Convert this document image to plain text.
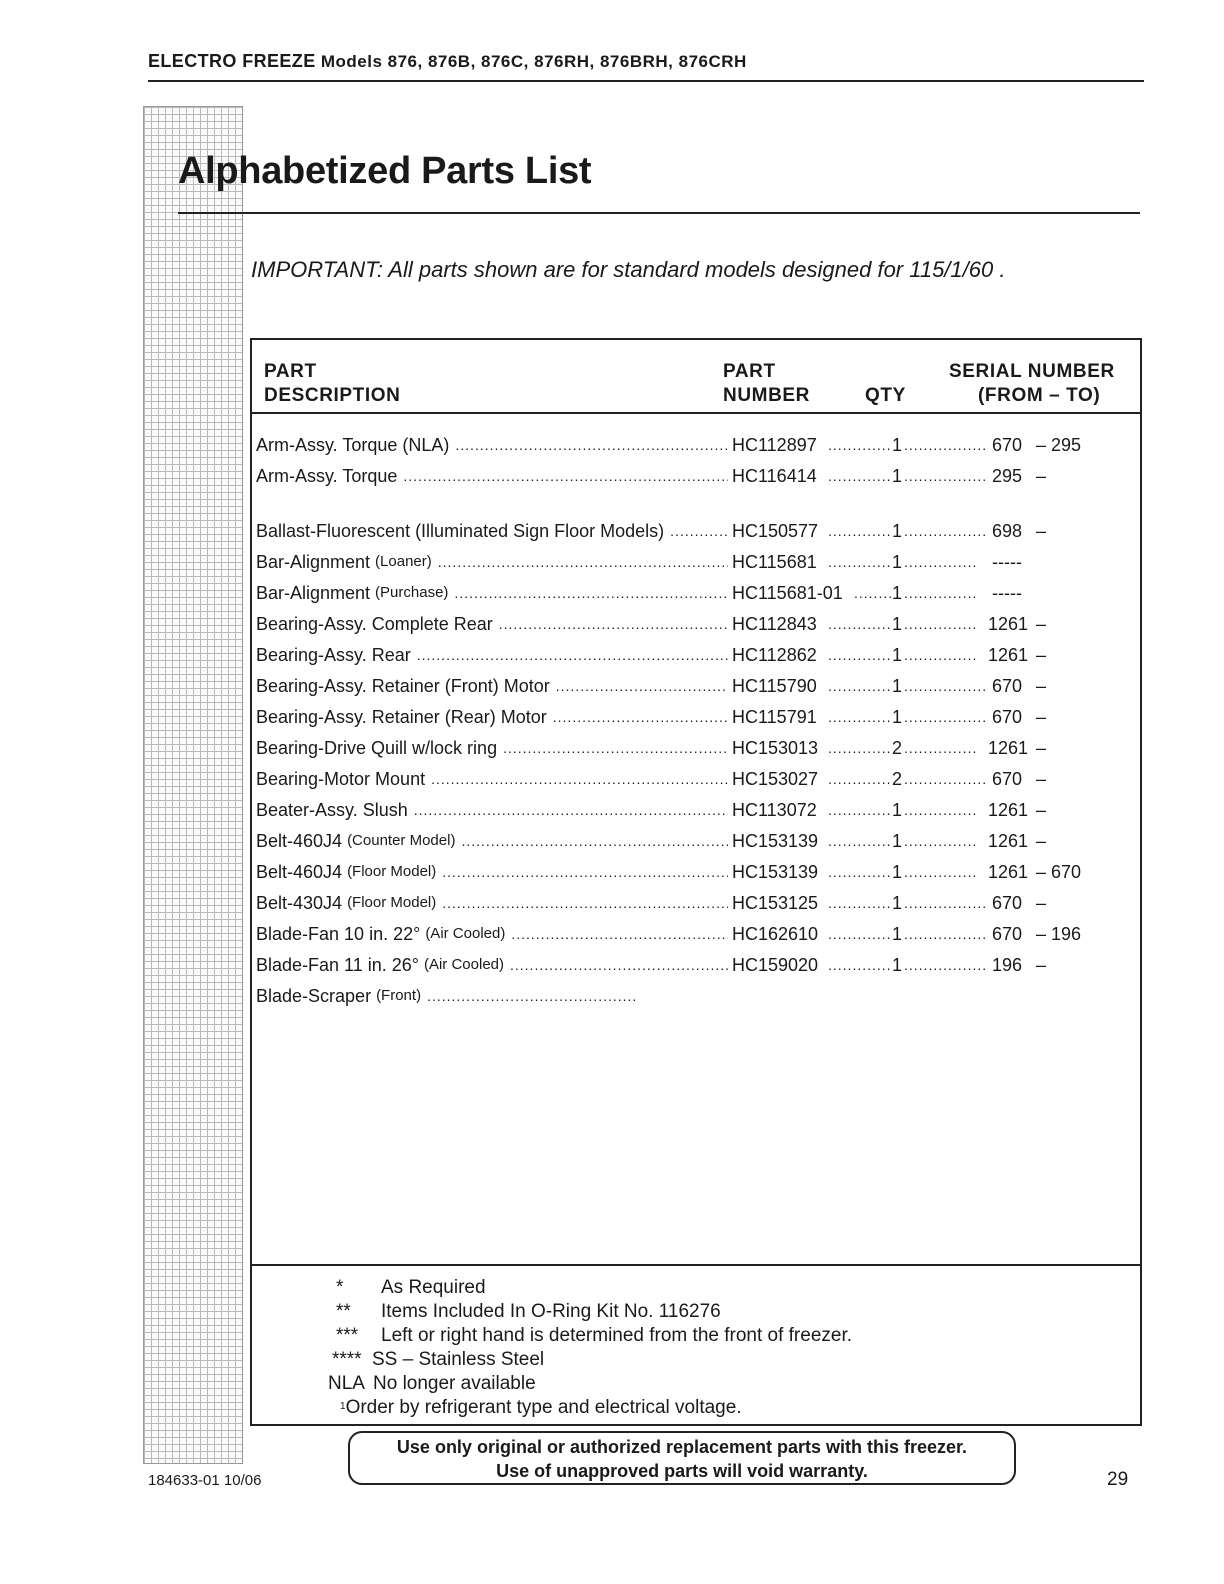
ELECTRO FREEZE Models 876, 876B, 876C, 876RH, 876BRH, 876CRH
Alphabetized Parts List
IMPORTANT: All parts shown are for standard models designed for 115/1/60 .
PART
DESCRIPTION
PART
NUMBER	QTY
SERIAL NUMBER
(FROM – TO)
Arm-Assy. Torque (NLA) .....	HC112897 .....	1 .....	670 – 295
Arm-Assy. Torque .....	HC116414 .....	1 .....	295 –
Ballast-Fluorescent (Illuminated Sign Floor Models) .....	HC150577 .....	1 .....	698 –
Bar-Alignment (Loaner) .....	HC115681 .....	1 .....	-----
Bar-Alignment (Purchase) .....	HC115681-01 .....	1 .....	-----
Bearing-Assy. Complete Rear .....	HC112843 .....	1 .....	1261 –
Bearing-Assy. Rear .....	HC112862 .....	1 .....	1261 –
Bearing-Assy. Retainer (Front) Motor .....	HC115790 .....	1 .....	670 –
Bearing-Assy. Retainer (Rear) Motor .....	HC115791 .....	1 .....	670 –
Bearing-Drive Quill w/lock ring .....	HC153013 .....	2 .....	1261 –
Bearing-Motor Mount .....	HC153027 .....	2 .....	670 –
Beater-Assy. Slush .....	HC113072 .....	1 .....	1261 –
Belt-460J4 (Counter Model) .....	HC153139 .....	1 .....	1261 –
Belt-460J4 (Floor Model) .....	HC153139 .....	1 .....	1261 – 670
Belt-430J4 (Floor Model) .....	HC153125 .....	1 .....	670 –
Blade-Fan 10 in. 22° (Air Cooled) .....	HC162610 .....	1 .....	670 – 196
Blade-Fan 11 in. 26° (Air Cooled) .....	HC159020 .....	1 .....	196 –
Blade-Scraper (Front)
.....
* As Required
** Items Included In O-Ring Kit No. 116276
*** Left or right hand is determined from the front of freezer.
**** SS – Stainless Steel
NLA No longer available
$^1$Order by refrigerant type and electrical voltage.
Use only original or authorized replacement parts with this freezer.
Use of unapproved parts will void warranty.
184633-01 10/06	29
